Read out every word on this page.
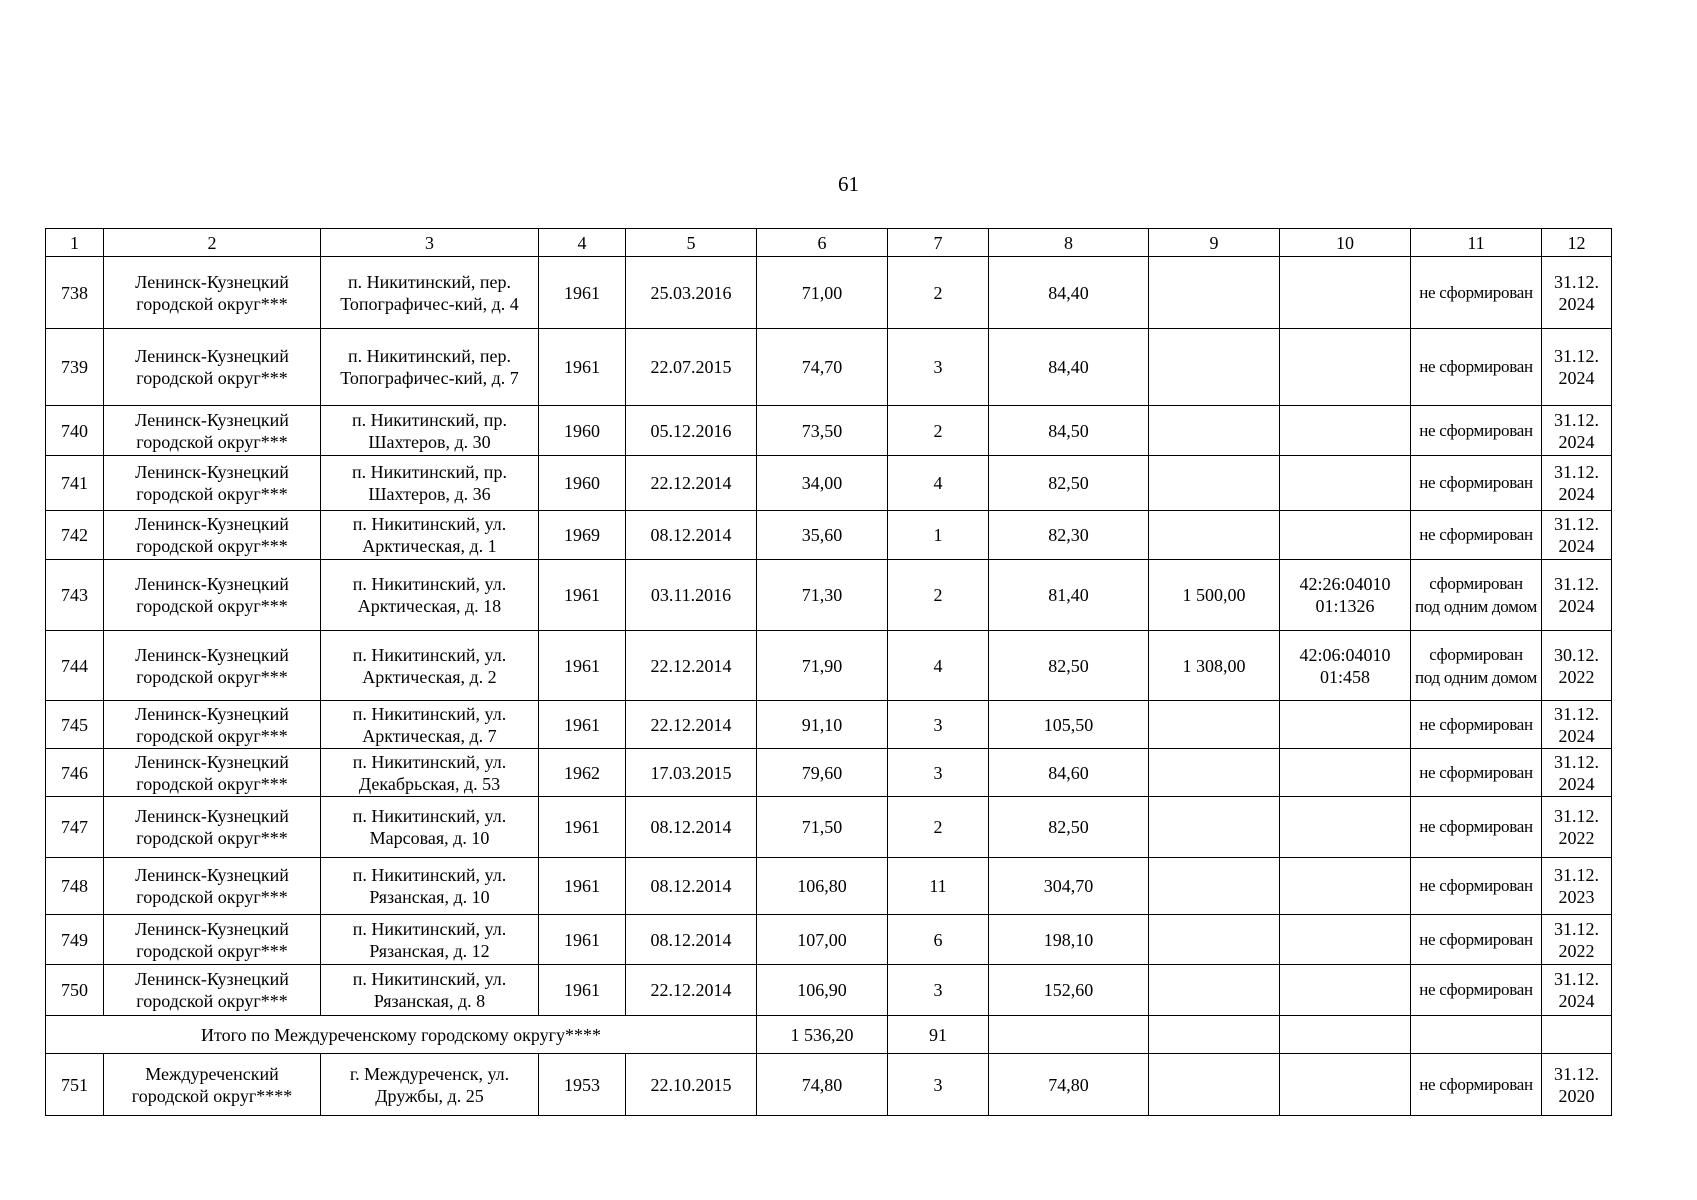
61
1	2	3	4	5	6	7	8	9	10	11	12
738	Ленинск-Кузнецкий городской округ***	п. Никитинский, пер. Топографичес-кий, д. 4	1961	25.03.2016	71,00	2	84,40			не сформирован	31.12. 2024
739	Ленинск-Кузнецкий городской округ***	п. Никитинский, пер. Топографичес-кий, д. 7	1961	22.07.2015	74,70	3	84,40			не сформирован	31.12. 2024
740	Ленинск-Кузнецкий городской округ***	п. Никитинский, пр. Шахтеров, д. 30	1960	05.12.2016	73,50	2	84,50			не сформирован	31.12. 2024
741	Ленинск-Кузнецкий городской округ***	п. Никитинский, пр. Шахтеров, д. 36	1960	22.12.2014	34,00	4	82,50			не сформирован	31.12. 2024
742	Ленинск-Кузнецкий городской округ***	п. Никитинский, ул. Арктическая, д. 1	1969	08.12.2014	35,60	1	82,30			не сформирован	31.12. 2024
743	Ленинск-Кузнецкий городской округ***	п. Никитинский, ул. Арктическая, д. 18	1961	03.11.2016	71,30	2	81,40	1 500,00	42:26:04010 01:1326	сформирован под одним домом	31.12. 2024
744	Ленинск-Кузнецкий городской округ***	п. Никитинский, ул. Арктическая, д. 2	1961	22.12.2014	71,90	4	82,50	1 308,00	42:06:04010 01:458	сформирован под одним домом	30.12. 2022
745	Ленинск-Кузнецкий городской округ***	п. Никитинский, ул. Арктическая, д. 7	1961	22.12.2014	91,10	3	105,50			не сформирован	31.12. 2024
746	Ленинск-Кузнецкий городской округ***	п. Никитинский, ул. Декабрьская, д. 53	1962	17.03.2015	79,60	3	84,60			не сформирован	31.12. 2024
747	Ленинск-Кузнецкий городской округ***	п. Никитинский, ул. Марсовая, д. 10	1961	08.12.2014	71,50	2	82,50			не сформирован	31.12. 2022
748	Ленинск-Кузнецкий городской округ***	п. Никитинский, ул. Рязанская, д. 10	1961	08.12.2014	106,80	11	304,70			не сформирован	31.12. 2023
749	Ленинск-Кузнецкий городской округ***	п. Никитинский, ул. Рязанская, д. 12	1961	08.12.2014	107,00	6	198,10			не сформирован	31.12. 2022
750	Ленинск-Кузнецкий городской округ***	п. Никитинский, ул. Рязанская, д. 8	1961	22.12.2014	106,90	3	152,60			не сформирован	31.12. 2024
Итого по Междуреченскому городскому округу****					1 536,20	91					
751	Междуреченский городской округ****	г. Междуреченск, ул. Дружбы, д. 25	1953	22.10.2015	74,80	3	74,80			не сформирован	31.12. 2020
